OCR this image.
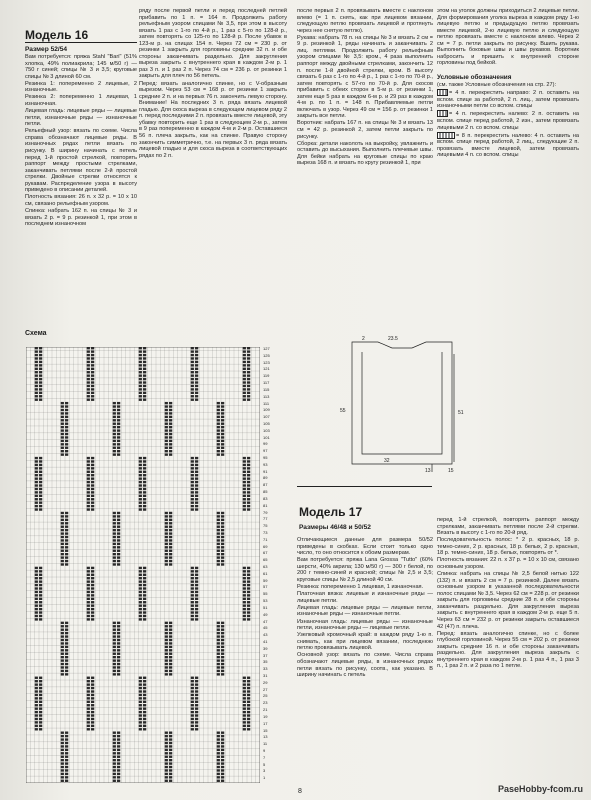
Модель 16
Размер 52/54

Вам потребуется: пряжа Stahl "Bari" (51% хлопка, 49% полиакрила; 145 м/50 г) — 750 г синей; спицы № 3 и 3,5; круговые спицы № 3 длиной 60 см.

Резинка 1: попеременно 2 лицевые, 2 изнаночные.

Резинка 2: попеременно 1 лицевая, 1 изнаночная.

Лицевая гладь: лицевые ряды — лицевые петли, изнаночные ряды — изнаночные петли.

Рельефный узор: вязать по схеме. Числа справа обозначают лицевые ряды. В изнаночных рядах петли вязать по рисунку. В ширину начинать с петель перед 1-й простой стрелкой, повторять раппорт между простыми стрелками, заканчивать петлями после 2-й простой стрелки. Двойные стрелки относятся к рукавам. Распределение узора в высоту приведено в описании деталей.

Плотность вязания: 26 п. x 32 р. = 10 x 10 см, связано рельефным узором.

Спинка: набрать 162 п. на спицы № 3 и вязать 2 р. = 9 р. резинкой 1, при этом в последнем изнаночном

ряду после первой петли и перед последней петлей прибавить по 1 п. = 164 п. Продолжить работу рельефным узором спицами № 3,5, при этом в высоту вязать 1 раз с 1-го по 4-й р., 1 раз с 5-го по 128-й р., затем повторять со 125-го по 128-й р. После убавок в 123-м р. на спицах 154 п. Через 72 см = 230 р. от резинки 1 закрыть для горловины средние 32 п. и обе стороны заканчивать раздельно. Для закругления выреза закрыть с внутреннего края в каждом 2-м р. 1 раз 3 п. и 1 раз 2 п. Через 74 см = 236 р. от резинки 1 закрыть для плеч по 56 петель.

Перед: вязать аналогично спинке, но с V-образным вырезом. Через 53 см = 168 р. от резинки 1 закрыть средние 2 п. и на первых 76 п. закончить левую сторону. Внимание! На последних 3 п. ряда вязать лицевой гладью. Для скоса выреза в следующем лицевом ряду 2 п. перед последними 2 п. провязать вместе лицевой, эту убавку повторить еще 1 раз в следующем 2-м р., затем в 9 раз попеременно в каждом 4-м и 2-м р. Оставшиеся 56 п. плеча закрыть, как на спинке. Правую сторону закончить симметрично, т.е. на первых 3 п. ряда вязать лицевой гладью и для скоса выреза в соответствующих рядах по 2 п.

после первых 2 п. провязывать вместе с наклоном влево (= 1 п. снять, как при лицевом вязании, следующую петлю провязать лицевой и протянуть через нее снятую петлю).

Рукава: набрать 78 п. на спицы № 3 и вязать 2 см = 9 р. резинкой 1, ряды начинать и заканчивать 2 лиц. петлями. Продолжить работу рельефным узором спицами № 3,5: кром., 4 раза выполнить раппорт между двойными стрелками, закончить 12 п. после 1-й двойной стрелки, кром. В высоту связать 6 раз с 1-го по 4-й р., 1 раз с 1-го по 70-й р., затем повторять с 57-го по 70-й р. Для скосов прибавить с обеих сторон в 5-м р. от резинки 1, затем еще 5 раз в каждом 6-м р. и 29 раз в каждом 4-м р. по 1 п. = 148 п. Прибавляемые петли включать в узор. Через 49 см = 156 р. от резинки 1 закрыть все петли.

Воротник: набрать 167 п. на спицы № 3 и вязать 13 см = 42 р. резинкой 2, затем петли закрыть по рисунку.

Сборка: детали наколоть на выкройку, увлажнить и оставить до высыхания. Выполнить плечевые швы. Для бейки набрать на круговые спицы по краю выреза 168 п. и вязать по кругу резинкой 1, при

этом на уголок должны приходиться 2 лицевые петли. Для формирования уголка выреза в каждом ряду 1-ю лицевую петлю и предыдущую петлю провязать вместе лицевой, 2-ю лицевую петлю и следующую петлю провязать вместе с наклоном влево. Через 2 см = 7 р. петли закрыть по рисунку. Вшить рукава. Выполнить боковые швы и швы рукавов. Воротник набросить и пришить к внутренней стороне горловины под бейкой.

Условные обозначения

(см. также Условные обозначения на стр. 27):

= 4 п. перекрестить направо: 2 п. оставить на вспом. спице за работой, 2 п. лиц., затем провязать изнаночными петли со вспом. спицы

= 4 п. перекрестить налево: 2 п. оставить на вспом. спице перед работой, 2 изн., затем провязать лицевыми 2 п. со вспом. спицы

= 8 п. перекрестить налево: 4 п. оставить на вспом. спице перед работой, 2 лиц., следующие 2 п. провязать вместе лицевой, затем провязать лицевыми 4 п. со вспом. спицы

Схема
127
125
123
121
119
117
115
113
111
109
107
105
103
101
99
97
95
93
91
89
87
85
83
81
79
77
75
73
71
69
67
65
63
61
59
57
55
53
51
49
47
45
43
41
39
37
35
33
31
29
27
25
23
21
19
17
15
13
11
9
7
5
3
1
2	23.5
55	51
32
13	15
Модель 17
Размеры 46/48 и 50/52

Отличающиеся данные для размера 50/52 приведены в скобках. Если стоит только одно число, то оно относится к обоим размерам.

Вам потребуется: пряжа Lana Grossa "Tutto" (60% шерсти, 40% акрила; 130 м/50 г) — 300 г белой, по 200 г темно-синей и красной; спицы № 2,5 и 3,5; круговые спицы № 2,5 длиной 40 см.

Резинка: попеременно 1 лицевая, 1 изнаночная.

Платочная вязка: лицевые и изнаночные ряды — лицевые петли.

Лицевая гладь: лицевые ряды — лицевые петли, изнаночные ряды — изнаночные петли.

Изнаночная гладь: лицевые ряды — изнаночные петли, изнаночные ряды — лицевые петли.

Узелковый кромочный край: в каждом ряду 1-ю п. снимать, как при лицевом вязании, последнюю петлю провязывать лицевой.

Основной узор: вязать по схеме. Числа справа обозначают лицевые ряды, в изнаночных рядах петли вязать по рисунку, соотв., как указано. В ширину начинать с петель

перед 1-й стрелкой, повторять раппорт между стрелками, заканчивать петлями после 2-й стрелки. Вязать в высоту с 1-го по 20-й ряд.

Последовательность полос: * 2 р. красных, 18 р. темно-синих, 2 р. красных, 18 р. белых, 2 р. красных, 18 р. темно-синих, 18 р. белых, повторять от *.

Плотность вязания: 22 п. x 37 р. = 10 x 10 см, связано основным узором.

Спинка: набрать на спицы № 2,5 белой нитью 122 (132) п. и вязать 2 см = 7 р. резинкой. Далее вязать основным узором в указанной последовательности полос спицами № 3,5. Через 62 см = 228 р. от резинки закрыть для горловины средние 28 п. и обе стороны заканчивать раздельно. Для закругления выреза закрыть с внутреннего края в каждом 2-м р. еще 5 п. Через 63 см = 232 р. от резинки закрыть оставшиеся 42 (47) п. плеча.

Перед: вязать аналогично спинке, но с более глубокой горловиной. Через 55 см = 202 р. от резинки закрыть средние 16 п. и обе стороны заканчивать раздельно. Для закругления выреза закрыть с внутреннего края в каждом 2-м р. 1 раз 4 п., 1 раз 3 п., 1 раз 2 п. и 2 раза по 1 петле.

8	PaseHobby-fcom.ru
